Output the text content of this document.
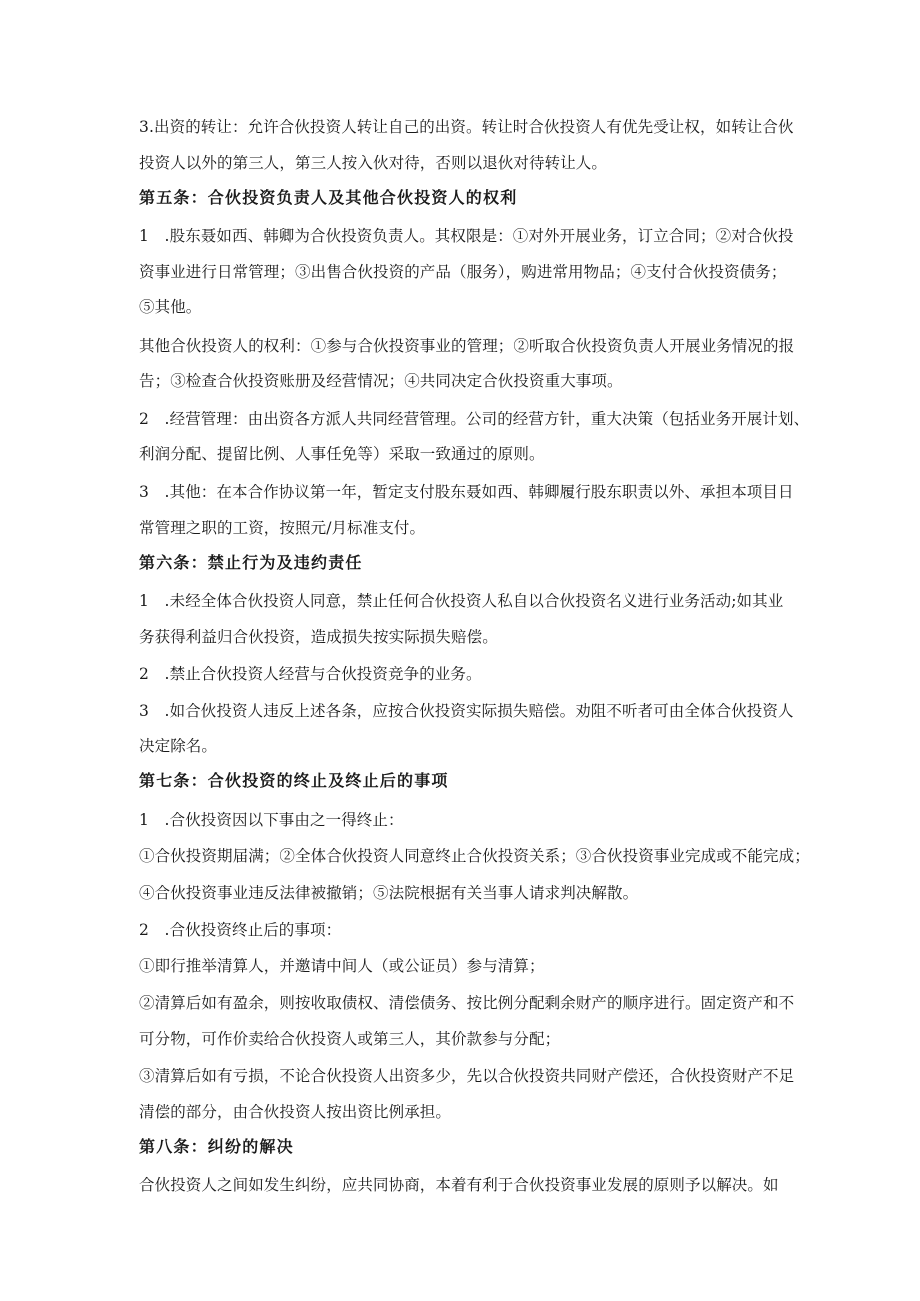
3.出资的转让：允许合伙投资人转让自己的出资。转让时合伙投资人有优先受让权，如转让合伙
投资人以外的第三人，第三人按入伙对待，否则以退伙对待转让人。
第五条：合伙投资负责人及其他合伙投资人的权利
1　.股东聂如西、韩卿为合伙投资负责人。其权限是：①对外开展业务，订立合同；②对合伙投
资事业进行日常管理；③出售合伙投资的产品（服务），购进常用物品；④支付合伙投资债务；
⑤其他。
其他合伙投资人的权利：①参与合伙投资事业的管理；②听取合伙投资负责人开展业务情况的报
告；③检查合伙投资账册及经营情况；④共同决定合伙投资重大事项。
2　.经营管理：由出资各方派人共同经营管理。公司的经营方针，重大决策（包括业务开展计划、
利润分配、提留比例、人事任免等）采取一致通过的原则。
3　.其他：在本合作协议第一年，暂定支付股东聂如西、韩卿履行股东职责以外、承担本项目日
常管理之职的工资，按照元/月标准支付。
第六条：禁止行为及违约责任
1　.未经全体合伙投资人同意，禁止任何合伙投资人私自以合伙投资名义进行业务活动;如其业
务获得利益归合伙投资，造成损失按实际损失赔偿。
2　.禁止合伙投资人经营与合伙投资竞争的业务。
3　.如合伙投资人违反上述各条，应按合伙投资实际损失赔偿。劝阻不听者可由全体合伙投资人
决定除名。
第七条：合伙投资的终止及终止后的事项
1　.合伙投资因以下事由之一得终止：
①合伙投资期届满；②全体合伙投资人同意终止合伙投资关系；③合伙投资事业完成或不能完成；
④合伙投资事业违反法律被撤销；⑤法院根据有关当事人请求判决解散。
2　.合伙投资终止后的事项：
①即行推举清算人，并邀请中间人（或公证员）参与清算；
②清算后如有盈余，则按收取债权、清偿债务、按比例分配剩余财产的顺序进行。固定资产和不
可分物，可作价卖给合伙投资人或第三人，其价款参与分配；
③清算后如有亏损，不论合伙投资人出资多少，先以合伙投资共同财产偿还，合伙投资财产不足
清偿的部分，由合伙投资人按出资比例承担。
第八条：纠纷的解决
合伙投资人之间如发生纠纷，应共同协商，本着有利于合伙投资事业发展的原则予以解决。如
